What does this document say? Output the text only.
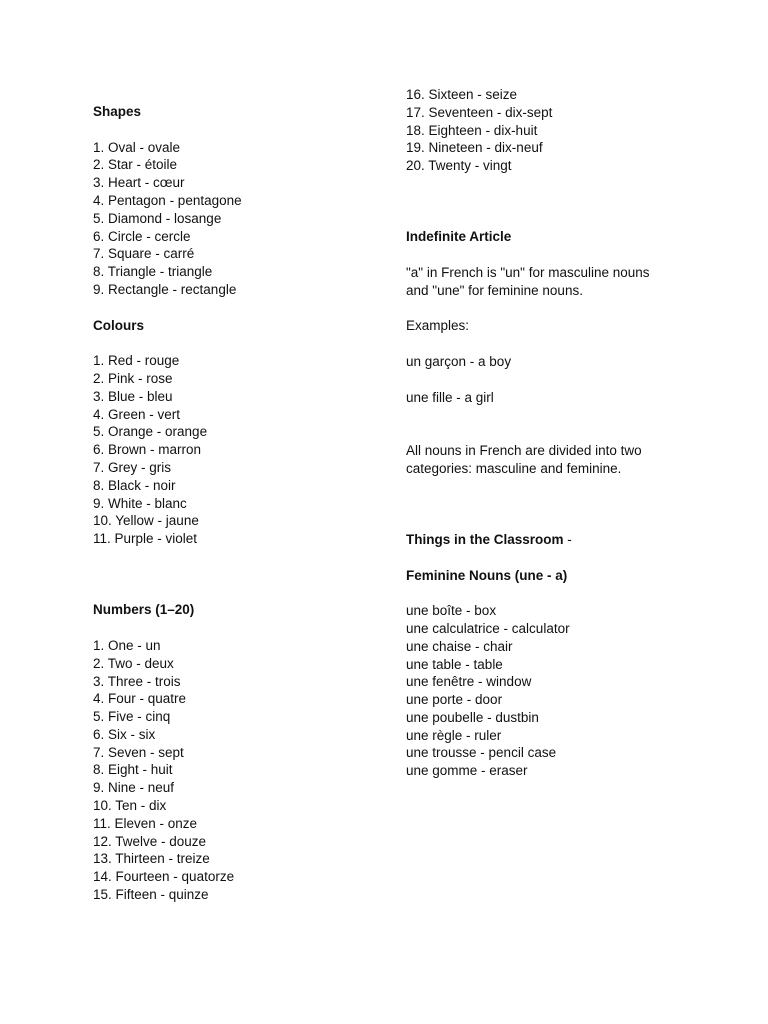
Shapes
1. Oval - ovale
2. Star - étoile
3. Heart - cœur
4. Pentagon - pentagone
5. Diamond - losange
6. Circle - cercle
7. Square - carré
8. Triangle - triangle
9. Rectangle - rectangle
Colours
1. Red - rouge
2. Pink - rose
3. Blue - bleu
4. Green - vert
5. Orange - orange
6. Brown - marron
7. Grey - gris
8. Black - noir
9. White - blanc
10. Yellow - jaune
11. Purple - violet
Numbers (1–20)
1. One - un
2. Two - deux
3. Three - trois
4. Four - quatre
5. Five - cinq
6. Six - six
7. Seven - sept
8. Eight - huit
9. Nine - neuf
10. Ten - dix
11. Eleven - onze
12. Twelve - douze
13. Thirteen - treize
14. Fourteen - quatorze
15. Fifteen - quinze
16. Sixteen - seize
17. Seventeen - dix-sept
18. Eighteen - dix-huit
19. Nineteen - dix-neuf
20. Twenty - vingt
Indefinite Article
"a" in French is "un" for masculine nouns
and "une" for feminine nouns.
Examples:
un garçon - a boy
une fille - a girl
All nouns in French are divided into two
categories: masculine and feminine.
Things in the Classroom -
Feminine Nouns (une - a)
une boîte - box
une calculatrice - calculator
une chaise - chair
une table - table
une fenêtre - window
une porte - door
une poubelle - dustbin
une règle - ruler
une trousse - pencil case
une gomme - eraser
